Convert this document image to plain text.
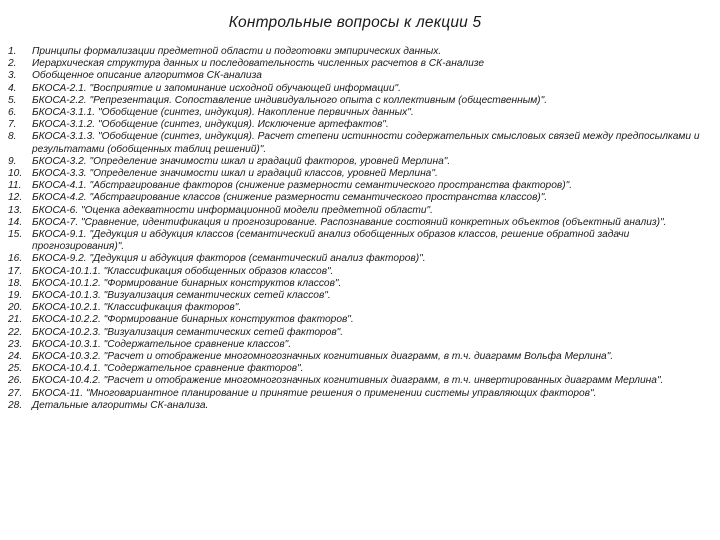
Контрольные вопросы к лекции 5
1.	Принципы формализации предметной области и подготовки эмпирических данных.
2.	Иерархическая структура данных и последовательность численных расчетов в СК-анализе
3.	Обобщенное описание алгоритмов СК-анализа
4.	БКОСА-2.1. "Восприятие и запоминание исходной обучающей информации".
5.	БКОСА-2.2. "Репрезентация. Сопоставление индивидуального опыта с коллективным (общественным)".
6.	БКОСА-3.1.1. "Обобщение (синтез, индукция). Накопление первичных данных".
7.	БКОСА-3.1.2. "Обобщение (синтез, индукция). Исключение артефактов".
8.	БКОСА-3.1.3. "Обобщение (синтез, индукция). Расчет степени истинности содержательных смысловых связей между предпосылками и результатами (обобщенных таблиц решений)".
9.	БКОСА-3.2. "Определение значимости шкал и градаций факторов, уровней Мерлина".
10. БКОСА-3.3. "Определение значимости шкал и градаций классов, уровней Мерлина".
11.	БКОСА-4.1. "Абстрагирование факторов (снижение размерности семантического пространства факторов)".
12. БКОСА-4.2. "Абстрагирование классов (снижение размерности семантического пространства классов)".
13. БКОСА-6. "Оценка адекватности информационной модели предметной области".
14. БКОСА-7. "Сравнение, идентификация и прогнозирование. Распознавание состояний конкретных объектов (объектный анализ)".
15. БКОСА-9.1. "Дедукция и абдукция классов (семантический анализ обобщенных образов классов, решение обратной задачи прогнозирования)".
16. БКОСА-9.2. "Дедукция и абдукция факторов (семантический анализ факторов)".
17. БКОСА-10.1.1. "Классификация обобщенных образов классов".
18. БКОСА-10.1.2. "Формирование бинарных конструктов классов".
19. БКОСА-10.1.3. "Визуализация семантических сетей классов".
20. БКОСА-10.2.1. "Классификация факторов".
21. БКОСА-10.2.2. "Формирование бинарных конструктов факторов".
22. БКОСА-10.2.3. "Визуализация семантических сетей факторов".
23. БКОСА-10.3.1. "Содержательное сравнение классов".
24. БКОСА-10.3.2. "Расчет и отображение многомногозначных когнитивных диаграмм, в т.ч. диаграмм Вольфа Мерлина".
25. БКОСА-10.4.1. "Содержательное сравнение факторов".
26. БКОСА-10.4.2. "Расчет и отображение многомногозначных когнитивных диаграмм, в т.ч. инвертированных диаграмм Мерлина".
27. БКОСА-11. "Многовариантное планирование и принятие решения о применении системы управляющих факторов".
28. Детальные алгоритмы СК-анализа.
